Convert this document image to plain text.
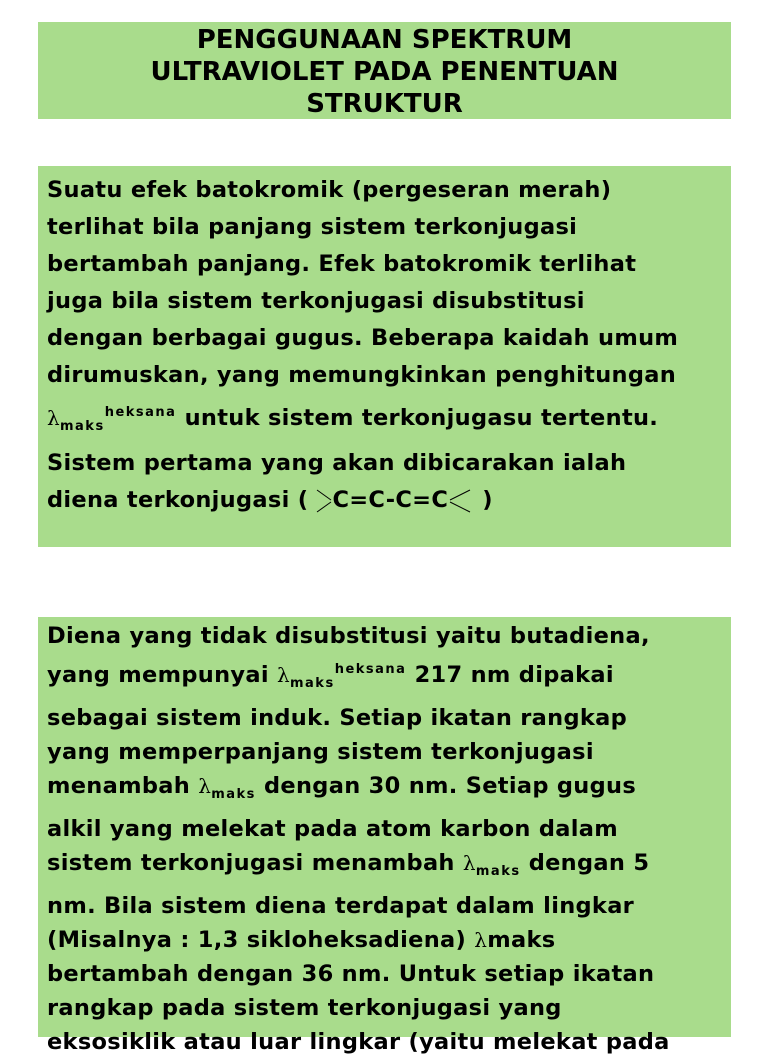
PENGGUNAAN SPEKTRUM
ULTRAVIOLET PADA PENENTUAN
STRUKTUR
Suatu efek batokromik (pergeseran merah)
terlihat bila panjang sistem terkonjugasi
bertambah panjang. Efek batokromik terlihat
juga bila sistem terkonjugasi disubstitusi
dengan berbagai gugus. Beberapa kaidah umum
dirumuskan, yang memungkinkan penghitungan
$\lambda_{maks}^{heksana}$ untuk sistem terkonjugasu tertentu.
Sistem pertama yang akan dibicarakan ialah
diena terkonjugasi ( C=C-C=C )
Diena yang tidak disubstitusi yaitu butadiena,
yang mempunyai $\lambda_{maks}^{heksana}$ 217 nm dipakai
sebagai sistem induk. Setiap ikatan rangkap
yang memperpanjang sistem terkonjugasi
menambah $\lambda_{maks}$ dengan 30 nm. Setiap gugus
alkil yang melekat pada atom karbon dalam
sistem terkonjugasi menambah $\lambda_{maks}$ dengan 5
nm. Bila sistem diena terdapat dalam lingkar
(Misalnya : 1,3 sikloheksadiena) λmaks
bertambah dengan 36 nm. Untuk setiap ikatan
rangkap pada sistem terkonjugasi yang
eksosiklik atau luar lingkar (yaitu melekat pada
